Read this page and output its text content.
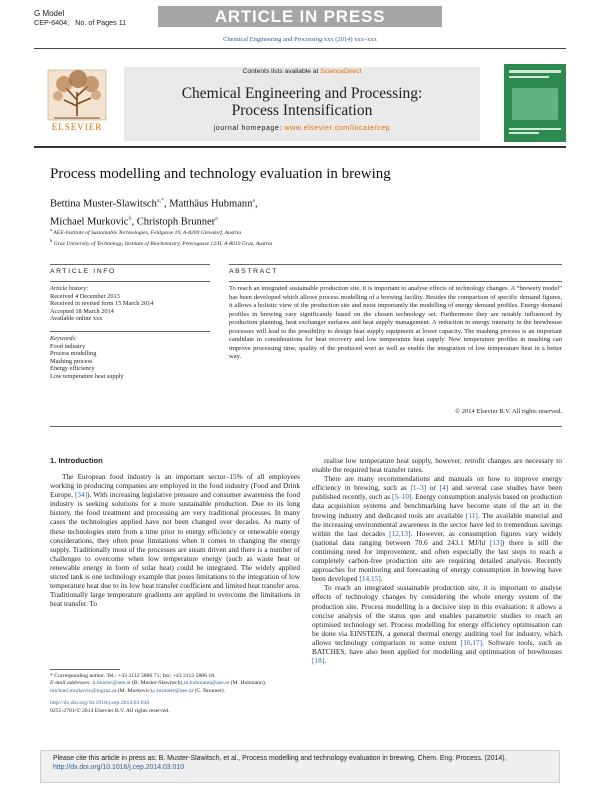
G Model
CEP-6404; No. of Pages 11	ARTICLE IN PRESS
Chemical Engineering and Processing xxx (2014) xxx–xxx
ELSEVIER
Contents lists available at ScienceDirect
Chemical Engineering and Processing:
Process Intensification
journal homepage: www.elsevier.com/locate/cep
Process modelling and technology evaluation in brewing
Bettina Muster-Slawitsch$^{a,*}$, Matthäus Hubmann$^a$,
Michael Murkovic$^b$, Christoph Brunner$^a$
$^a$ AEE-Institute of Sustainable Technologies, Feldgasse 19, A-8200 Gleisdorf, Austria
$^b$ Graz University of Technology, Institute of Biochemistry, Petersgasse 12/II, A-8010 Graz, Austria
ARTICLE INFO	ABSTRACT
Article history:
Received 4 December 2013
Received in revised form 15 March 2014
Accepted 18 March 2014
Available online xxx
Keywords:
Food industry
Process modelling
Mashing process
Energy efficiency
Low temperature heat supply
To reach an integrated sustainable production site, it is important to analyse effects of technology changes. A “brewery model” has been developed which allows process modelling of a brewing facility. Besides the comparison of specific demand figures, it allows a holistic view of the production site and most importantly the modelling of energy demand profiles. Energy demand profiles in brewing vary significantly based on the chosen technology set. Furthermore they are notably influenced by production planning, heat exchanger surfaces and heat supply management. A reduction in energy intensity in the brewhouse processes will lead to the possibility to design heat supply equipment at lower capacity. The mashing process is an important candidate in considerations for heat recovery and low temperature heat supply. New temperature profiles in mashing can improve processing time, quality of the produced wort as well as enable the integration of low temperature heat in a better way.
© 2014 Elsevier B.V. All rights reserved.
1. Introduction

The European food industry is an important sector–15% of all employees working in producing companies are employed in the food industry (Food and Drink Europe, [34]). With increasing legislative pressure and consumer awareness the food industry is seeking solutions for a more sustainable production. Due to its long history, the food treatment and processing are very traditional processes. In many cases the technologies applied have not been changed over decades. As many of these technologies stem from a time prior to energy efficiency or renewable energy considerations, they often pose limitations when it comes to changing the energy supply. Traditionally most of the processes are steam driven and there is a number of challenges to overcome when low temperature energy (such as waste heat or renewable energy in form of solar heat) could be integrated. The widely applied stirred tank is one technology example that poses limitations to the integration of low temperature heat due to its low heat transfer coefficient and limited heat transfer area. Traditionally large temperature gradients are applied to overcome the limitations in heat transfer. To

realise low temperature heat supply, however, retrofit changes are necessary to enable the required heat transfer rates.

There are many recommendations and manuals on how to improve energy efficiency in brewing, such as [1–3] or [4] and several case studies have been published recently, such as [5–10]. Energy consumption analysis based on production data acquisition systems and benchmarking have become state of the art in the brewing industry and dedicated tools are available [11]. The available material and the increasing environmental awareness in the sector have led to tremendous savings within the last decades [12,13]. However, as consumption figures vary widely (national data ranging between 70.6 and 243.1 MJ/hl [13]) there is still the continuing need for improvement, and often especially the last steps to reach a completely carbon-free production site are requiring detailed analysis. Recently approaches for monitoring and forecasting of energy consumption in brewing have been developed [14,15].

To reach an integrated sustainable production site, it is important to analyse effects of technology changes by considering the whole energy system of the production site. Process modelling is a decisive step in this evaluation: it allows a concise analysis of the status quo and enables parametric studies to reach an optimised technology set. Process modelling for energy efficiency optimisation can be done via EINSTEIN, a general thermal energy auditing tool for industry, which allows technology comparison to some extent [16,17]. Software tools, such as BATCHES, have also been applied for modelling and optimisation of brewhouses [18].

* Corresponding author. Tel.: +43 3112 5886 71; fax: +43 3112 5886 18.
E-mail addresses: b.muster@aee.at (B. Muster-Slawitsch),m.hubmann@aee.at (M. Hubmann),
michael.murkovic@tugraz.at (M. Murkovic),c.brunner@aee.at (C. Brunner).
http://dx.doi.org/10.1016/j.cep.2014.03.010
0255-2701/© 2014 Elsevier B.V. All rights reserved.
Please cite this article in press as: B. Muster-Slawitsch, et al., Process modelling and technology evaluation in brewing, Chem. Eng. Process. (2014), http://dx.doi.org/10.1016/j.cep.2014.03.010
